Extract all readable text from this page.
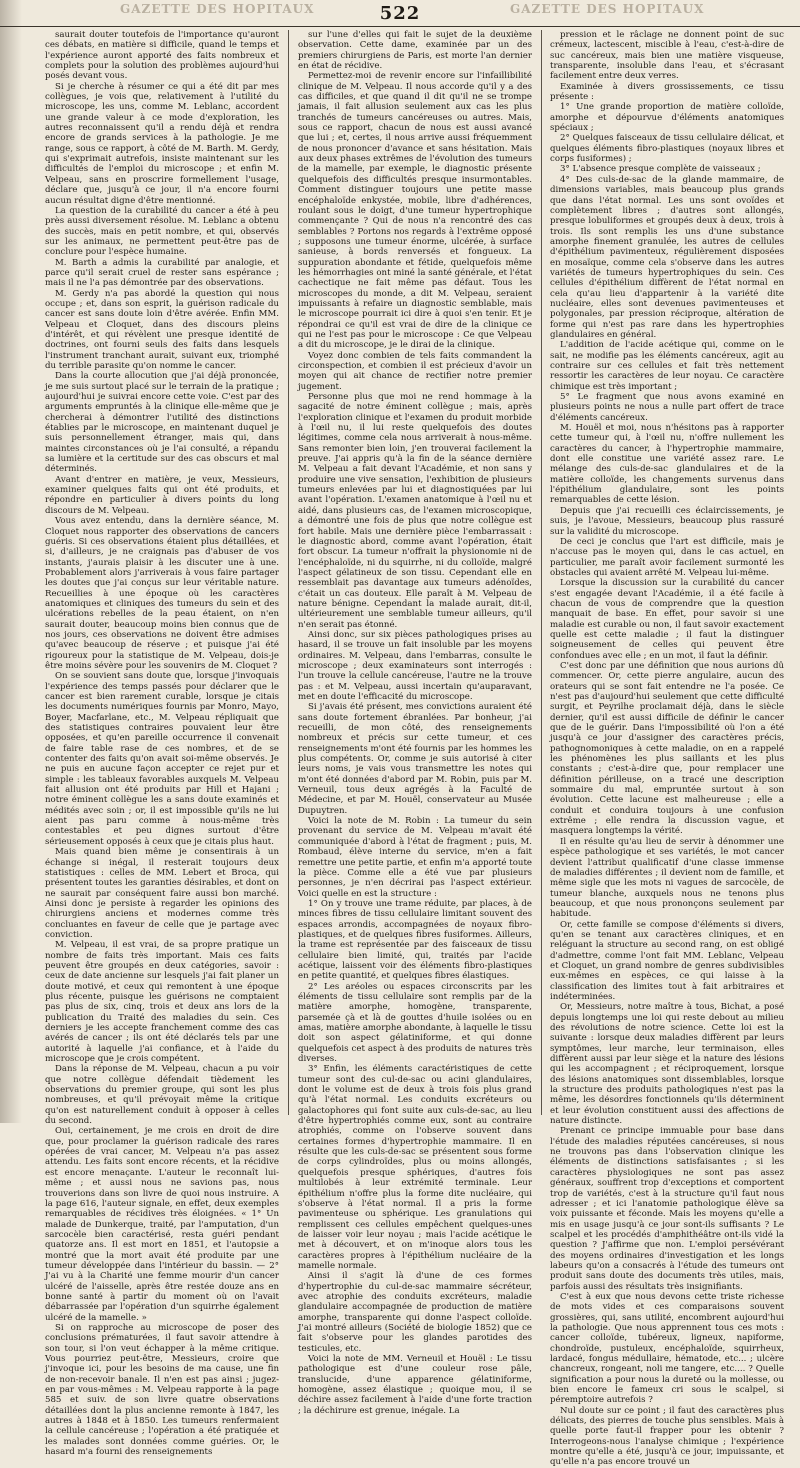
GAZETTE DES HOPITAUX	522	GAZETTE DES HOPITAUX

saurait douter toutefois de l'importance qu'auront ces débats, en matière si difficile, quand le temps et l'expérience auront apporté des faits nombreux et complets pour la solution des problèmes aujourd'hui posés devant vous.

Si je cherche à résumer ce qui a été dit par mes collègues, je vois que, relativement à l'utilité du microscope, les uns, comme M. Leblanc, accordent une grande valeur à ce mode d'exploration, les autres reconnaissent qu'il a rendu déjà et rendra encore de grands services à la pathologie. Je me range, sous ce rapport, à côté de M. Barth. M. Gerdy, qui s'exprimait autrefois, insiste maintenant sur les difficultés de l'emploi du microscope ; et enfin M. Velpeau, sans en proscrire formellement l'usage, déclare que, jusqu'à ce jour, il n'a encore fourni aucun résultat digne d'être mentionné.

La question de la curabilité du cancer a été à peu près aussi diversement résolue. M. Leblanc a obtenu des succès, mais en petit nombre, et qui, observés sur les animaux, ne permettent peut-être pas de conclure pour l'espèce humaine.

M. Barth a admis la curabilité par analogie, et parce qu'il serait cruel de rester sans espérance ; mais il ne l'a pas démontrée par des observations.

M. Gerdy n'a pas abordé la question qui nous occupe ; et, dans son esprit, la guérison radicale du cancer est sans doute loin d'être avérée. Enfin MM. Velpeau et Cloquet, dans des discours pleins d'intérêt, et qui révèlent une presque identité de doctrines, ont fourni seuls des faits dans lesquels l'instrument tranchant aurait, suivant eux, triomphé du terrible parasite qu'on nomme le cancer.

Dans la courte allocution que j'ai déjà prononcée, je me suis surtout placé sur le terrain de la pratique ; aujourd'hui je suivrai encore cette voie. C'est par des arguments empruntés à la clinique elle-même que je chercherai à démontrer l'utilité des distinctions établies par le microscope, en maintenant duquel je suis personnellement étranger, mais qui, dans maintes circonstances où je l'ai consulté, a répandu sa lumière et la certitude sur des cas obscurs et mal déterminés.

Avant d'entrer en matière, je veux, Messieurs, examiner quelques faits qui ont été produits, et répondre en particulier à divers points du long discours de M. Velpeau.

Vous avez entendu, dans la dernière séance, M. Cloquet nous rapporter des observations de cancers guéris. Si ces observations étaient plus détaillées, et si, d'ailleurs, je ne craignais pas d'abuser de vos instants, j'aurais plaisir à les discuter une à une. Probablement alors j'arriverais à vous faire partager les doutes que j'ai conçus sur leur véritable nature. Recueillies à une époque où les caractères anatomiques et cliniques des tumeurs du sein et des ulcérations rebelles de la peau étaient, on n'en saurait douter, beaucoup moins bien connus que de nos jours, ces observations ne doivent être admises qu'avec beaucoup de réserve ; et puisque j'ai été rigoureux pour la statistique de M. Velpeau, dois-je être moins sévère pour les souvenirs de M. Cloquet ?

On se souvient sans doute que, lorsque j'invoquais l'expérience des temps passés pour déclarer que le cancer est bien rarement curable, lorsque je citais les documents numériques fournis par Monro, Mayo, Boyer, Macfarlane, etc., M. Velpeau répliquait que des statistiques contraires pouvaient leur être opposées, et qu'en pareille occurrence il convenait de faire table rase de ces nombres, et de se contenter des faits qu'on avait soi-même observés. Je ne puis en aucune façon accepter ce rejet pur et simple : les tableaux favorables auxquels M. Velpeau fait allusion ont été produits par Hill et Hajani ; notre éminent collègue les a sans doute examinés et médités avec soin ; or, il est impossible qu'ils ne lui aient pas paru comme à nous-même très contestables et peu dignes surtout d'être sérieusement opposés à ceux que je citais plus haut.

Mais quand bien même je consentirais à un échange si inégal, il resterait toujours deux statistiques : celles de MM. Lebert et Broca, qui présentent toutes les garanties désirables, et dont on ne saurait par conséquent faire aussi bon marché. Ainsi donc je persiste à regarder les opinions des chirurgiens anciens et modernes comme très concluantes en faveur de celle que je partage avec conviction.

M. Velpeau, il est vrai, de sa propre pratique un nombre de faits très important. Mais ces faits peuvent être groupés en deux catégories, savoir : ceux de date ancienne sur lesquels j'ai fait planer un doute motivé, et ceux qui remontent à une époque plus récente, puisque les guérisons ne comptaient pas plus de six, cinq, trois et deux ans lors de la publication du Traité des maladies du sein. Ces derniers je les accepte franchement comme des cas avérés de cancer ; ils ont été déclarés tels par une autorité à laquelle j'ai confiance, et à l'aide du microscope que je crois compétent.

Dans la réponse de M. Velpeau, chacun a pu voir que notre collègue défendait tièdement les observations du premier groupe, qui sont les plus nombreuses, et qu'il prévoyait même la critique qu'on est naturellement conduit à opposer à celles du second.

Oui, certainement, je me crois en droit de dire que, pour proclamer la guérison radicale des rares opérées de vrai cancer, M. Velpeau n'a pas assez attendu. Les faits sont encore récents, et la récidive est encore menaçante. L'auteur le reconnaît lui-même ; et aussi nous ne savions pas, nous trouverions dans son livre de quoi nous instruire. A la page 616, l'auteur signale, en effet, deux exemples remarquables de récidives très éloignées. « 1° Un malade de Dunkerque, traité, par l'amputation, d'un sarcocèle bien caractérisé, resta guéri pendant quatorze ans. Il est mort en 1851, et l'autopsie a montré que la mort avait été produite par une tumeur développée dans l'intérieur du bassin. — 2° J'ai vu à la Charité une femme mourir d'un cancer ulcéré de l'aisselle, après être restée douze ans en bonne santé à partir du moment où on l'avait débarrassée par l'opération d'un squirrhe également ulcéré de la mamelle. »

Si on rapproche au microscope de poser des conclusions prématurées, il faut savoir attendre à son tour, si l'on veut échapper à la même critique. Vous pourriez peut-être, Messieurs, croire que j'invoque ici, pour les besoins de ma cause, une fin de non-recevoir banale. Il n'en est pas ainsi ; jugez-en par vous-mêmes : M. Velpeau rapporte à la page 585 et suiv. de son livre quatre observations détaillées dont la plus ancienne remonte à 1847, les autres à 1848 et à 1850. Les tumeurs renfermaient la cellule cancéreuse ; l'opération a été pratiquée et les malades sont données comme guéries. Or, le hasard m'a fourni des renseignements

sur l'une d'elles qui fait le sujet de la deuxième observation. Cette dame, examinée par un des premiers chirurgiens de Paris, est morte l'an dernier en état de récidive.

Permettez-moi de revenir encore sur l'infaillibilité clinique de M. Velpeau. Il nous accorde qu'il y a des cas difficiles, et que quand il dit qu'il ne se trompe jamais, il fait allusion seulement aux cas les plus tranchés de tumeurs cancéreuses ou autres. Mais, sous ce rapport, chacun de nous est aussi avancé que lui ; et, certes, il nous arrive aussi fréquemment de nous prononcer d'avance et sans hésitation. Mais aux deux phases extrêmes de l'évolution des tumeurs de la mamelle, par exemple, le diagnostic présente quelquefois des difficultés presque insurmontables. Comment distinguer toujours une petite masse encéphaloïde enkystée, mobile, libre d'adhérences, roulant sous le doigt, d'une tumeur hypertrophique commençante ? Qui de nous n'a rencontré des cas semblables ? Portons nos regards à l'extrême opposé ; supposons une tumeur énorme, ulcérée, à surface sanieuse, à bords renversés et fongueux. La suppuration abondante et fétide, quelquefois même les hémorrhagies ont miné la santé générale, et l'état cachectique ne fait même pas défaut. Tous les microscopes du monde, a dit M. Velpeau, seraient impuissants à refaire un diagnostic semblable, mais le microscope pourrait ici dire à quoi s'en tenir. Et je répondrai ce qu'il est vrai de dire de la clinique ce qui ne l'est pas pour le microscope : Ce que Velpeau a dit du microscope, je le dirai de la clinique.

Voyez donc combien de tels faits commandent la circonspection, et combien il est précieux d'avoir un moyen qui ait chance de rectifier notre premier jugement.

Personne plus que moi ne rend hommage à la sagacité de notre éminent collègue ; mais, après l'exploration clinique et l'examen du produit morbide à l'œil nu, il lui reste quelquefois des doutes légitimes, comme cela nous arriverait à nous-même. Sans remonter bien loin, j'en trouverai facilement la preuve. J'ai appris qu'à la fin de la séance dernière M. Velpeau a fait devant l'Académie, et non sans y produire une vive sensation, l'exhibition de plusieurs tumeurs enlevées par lui et diagnostiquées par lui avant l'opération. L'examen anatomique à l'œil nu et aidé, dans plusieurs cas, de l'examen microscopique, a démontré une fois de plus que notre collègue est fort habile. Mais une dernière pièce l'embarrassait : le diagnostic abord, comme avant l'opération, était fort obscur. La tumeur n'offrait la physionomie ni de l'encéphaloïde, ni du squirrhe, ni du colloïde, malgré l'aspect gélatineux de son tissu. Cependant elle en ressemblait pas davantage aux tumeurs adénoïdes, c'était un cas douteux. Elle paraît à M. Velpeau de nature bénigne. Cependant la malade aurait, dit-il, ultérieurement une semblable tumeur ailleurs, qu'il n'en serait pas étonné.

Ainsi donc, sur six pièces pathologiques prises au hasard, il se trouve un fait insoluble par les moyens ordinaires. M. Velpeau, dans l'embarras, consulte le microscope ; deux examinateurs sont interrogés : l'un trouve la cellule cancéreuse, l'autre ne la trouve pas : et M. Velpeau, aussi incertain qu'auparavant, met en doute l'efficacité du microscope.

Si j'avais été présent, mes convictions auraient été sans doute fortement ébranlées. Par bonheur, j'ai recueilli, de mon côté, des renseignements nombreux et précis sur cette tumeur, et ces renseignements m'ont été fournis par les hommes les plus compétents. Or, comme je suis autorisé à citer leurs noms, je vais vous transmettre les notes qui m'ont été données d'abord par M. Robin, puis par M. Verneuil, tous deux agrégés à la Faculté de Médecine, et par M. Houël, conservateur au Musée Dupuytren.

Voici la note de M. Robin : La tumeur du sein provenant du service de M. Velpeau m'avait été communiquée d'abord à l'état de fragment ; puis, M. Rombaud, élève interne du service, m'en a fait remettre une petite partie, et enfin m'a apporté toute la pièce. Comme elle a été vue par plusieurs personnes, je n'en décrirai pas l'aspect extérieur. Voici quelle en est la structure :

1° On y trouve une trame réduite, par places, à de minces fibres de tissu cellulaire limitant souvent des espaces arrondis, accompagnées de noyaux fibro-plastiques, et de quelques fibres fusiformes. Ailleurs, la trame est représentée par des faisceaux de tissu cellulaire bien limité, qui, traités par l'acide acétique, laissent voir des éléments fibro-plastiques en petite quantité, et quelques fibres élastiques.

2° Les aréoles ou espaces circonscrits par les éléments de tissu cellulaire sont remplis par de la matière amorphe, homogène, transparente, parsemée çà et là de gouttes d'huile isolées ou en amas, matière amorphe abondante, à laquelle le tissu doit son aspect gélatiniforme, et qui donne quelquefois cet aspect à des produits de natures très diverses.

3° Enfin, les éléments caractéristiques de cette tumeur sont des cul-de-sac ou acini glandulaires, dont le volume est de deux à trois fois plus grand qu'à l'état normal. Les conduits excréteurs ou galactophores qui font suite aux culs-de-sac, au lieu d'être hypertrophiés comme eux, sont au contraire atrophiés, comme on l'observe souvent dans certaines formes d'hypertrophie mammaire. Il en résulte que les culs-de-sac se présentent sous forme de corps cylindroïdes, plus ou moins allongés, quelquefois presque sphériques, d'autres fois multilobés à leur extrémité terminale. Leur épithélium n'offre plus la forme dite nucléaire, qui s'observe à l'état normal. Il a pris la forme pavimenteuse ou sphérique. Les granulations qui remplissent ces cellules empêchent quelques-unes de laisser voir leur noyau ; mais l'acide acétique le met à découvert, et on m'inoque alors tous les caractères propres à l'épithélium nucléaire de la mamelle normale.

Ainsi il s'agit là d'une de ces formes d'hypertrophie du cul-de-sac mammaire sécréteur, avec atrophie des conduits excréteurs, maladie glandulaire accompagnée de production de matière amorphe, transparente qui donne l'aspect colloïde. J'ai montré ailleurs (Société de biologie 1852) que ce fait s'observe pour les glandes parotides des testicules, etc.

Voici la note de MM. Verneuil et Houël : Le tissu pathologique est d'une couleur rose pâle, translucide, d'une apparence gélatiniforme, homogène, assez élastique ; quoique mou, il se déchire assez facilement à l'aide d'une forte traction ; la déchirure est grenue, inégale. La

pression et le râclage ne donnent point de suc crémeux, lactescent, miscible à l'eau, c'est-à-dire de suc cancéreux, mais bien une matière visqueuse, transparente, insoluble dans l'eau, et s'écrasant facilement entre deux verres.

Examinée à divers grossissements, ce tissu présente :

1° Une grande proportion de matière colloïde, amorphe et dépourvue d'éléments anatomiques spéciaux ;

2° Quelques faisceaux de tissu cellulaire délicat, et quelques éléments fibro-plastiques (noyaux libres et corps fusiformes) ;

3° L'absence presque complète de vaisseaux ;

4° Des culs-de-sac de la glande mammaire, de dimensions variables, mais beaucoup plus grands que dans l'état normal. Les uns sont ovoïdes et complètement libres ; d'autres sont allongés, presque lobuliformes et groupés deux à deux, trois à trois. Ils sont remplis les uns d'une substance amorphe finement granulée, les autres de cellules d'épithélium pavimenteux, régulièrement disposées en mosaïque, comme cela s'observe dans les autres variétés de tumeurs hypertrophiques du sein. Ces cellules d'épithélium diffèrent de l'état normal en cela qu'au lieu d'appartenir à la variété dite nucléaire, elles sont devenues pavimenteuses et polygonales, par pression réciproque, altération de forme qui n'est pas rare dans les hypertrophies glandulaires en général.

L'addition de l'acide acétique qui, comme on le sait, ne modifie pas les éléments cancéreux, agit au contraire sur ces cellules et fait très nettement ressortir les caractères de leur noyau. Ce caractère chimique est très important ;

5° Le fragment que nous avons examiné en plusieurs points ne nous a nulle part offert de trace d'éléments cancéreux.

M. Houël et moi, nous n'hésitons pas à rapporter cette tumeur qui, à l'œil nu, n'offre nullement les caractères du cancer, à l'hypertrophie mammaire, dont elle constitue une variété assez rare. Le mélange des culs-de-sac glandulaires et de la matière colloïde, les changements survenus dans l'épithélium glandulaire, sont les points remarquables de cette lésion.

Depuis que j'ai recueilli ces éclaircissements, je suis, je l'avoue, Messieurs, beaucoup plus rassuré sur la validité du microscope.

De ceci je conclus que l'art est difficile, mais je n'accuse pas le moyen qui, dans le cas actuel, en particulier, me paraît avoir facilement surmonté les obstacles qui avaient arrêté M. Velpeau lui-même.

Lorsque la discussion sur la curabilité du cancer s'est engagée devant l'Académie, il a été facile à chacun de vous de comprendre que la question manquait de base. En effet, pour savoir si une maladie est curable ou non, il faut savoir exactement quelle est cette maladie ; il faut la distinguer soigneusement de celles qui peuvent être confondues avec elle ; en un mot, il faut la définir.

C'est donc par une définition que nous aurions dû commencer. Or, cette pierre angulaire, aucun des orateurs qui se sont fait entendre ne l'a posée. Ce n'est pas d'aujourd'hui seulement que cette difficulté surgit, et Peyrilhe proclamait déjà, dans le siècle dernier, qu'il est aussi difficile de définir le cancer que de le guérir. Dans l'impossibilité où l'on a été jusqu'à ce jour d'assigner des caractères précis, pathognomoniques à cette maladie, on en a rappelé les phénomènes les plus saillants et les plus constants ; c'est-à-dire que, pour remplacer une définition périlleuse, on a tracé une description sommaire du mal, empruntée surtout à son évolution. Cette lacune est malheureuse ; elle a conduit et conduira toujours à une confusion extrême ; elle rendra la discussion vague, et masquera longtemps la vérité.

Il en résulte qu'au lieu de servir à dénommer une espèce pathologique et ses variétés, le mot cancer devient l'attribut qualificatif d'une classe immense de maladies différentes ; il devient nom de famille, et même sigle que les mots ni vagues de sarcocèle, de tumeur blanche, auxquels nous ne tenons plus beaucoup, et que nous prononçons seulement par habitude.

Or, cette famille se compose d'éléments si divers, qu'en se tenant aux caractères cliniques, et en reléguant la structure au second rang, on est obligé d'admettre, comme l'ont fait MM. Leblanc, Velpeau et Cloquet, un grand nombre de genres subdivisibles eux-mêmes en espèces, ce qui laisse à la classification des limites tout à fait arbitraires et indéterminées.

Or, Messieurs, notre maître à tous, Bichat, a posé depuis longtemps une loi qui reste debout au milieu des révolutions de notre science. Cette loi est la suivante : lorsque deux maladies diffèrent par leurs symptômes, leur marche, leur terminaison, elles diffèrent aussi par leur siège et la nature des lésions qui les accompagnent ; et réciproquement, lorsque des lésions anatomiques sont dissemblables, lorsque la structure des produits pathologiques n'est pas la même, les désordres fonctionnels qu'ils déterminent et leur évolution constituent aussi des affections de nature distincte.

Prenant ce principe immuable pour base dans l'étude des maladies réputées cancéreuses, si nous ne trouvons pas dans l'observation clinique les éléments de distinctions satisfaisantes ; si les caractères physiologiques ne sont pas assez généraux, souffrent trop d'exceptions et comportent trop de variétés, c'est à la structure qu'il faut nous adresser ; et ici l'anatomie pathologique élève sa voix puissante et féconde. Mais les moyens qu'elle a mis en usage jusqu'à ce jour sont-ils suffisants ? Le scalpel et les procédés d'amphithéâtre ont-ils vidé la question ? J'affirme que non. L'emploi persévérant des moyens ordinaires d'investigation et les longs labeurs qu'on a consacrés à l'étude des tumeurs ont produit sans doute des documents très utiles, mais, parfois aussi des résultats très insignifiants.

C'est à eux que nous devons cette triste richesse de mots vides et ces comparaisons souvent grossières, qui, sans utilité, encombrent aujourd'hui la pathologie. Que nous apprennent tous ces mots : cancer colloïde, tubéreux, ligneux, napiforme, chondroïde, pustuleux, encéphaloïde, squirrheux, lardacé, fongus médullaire, hématode, etc... ; ulcère chancreux, rongeant, noli me tangere, etc.... ? Quelle signification a pour nous la dureté ou la mollesse, ou bien encore le fameux cri sous le scalpel, si péremptoire autrefois ?

Nul doute sur ce point ; il faut des caractères plus délicats, des pierres de touche plus sensibles. Mais à quelle porte faut-il frapper pour les obtenir ? Interrogeons-nous l'analyse chimique ; l'expérience montre qu'elle a été, jusqu'à ce jour, impuissante, et qu'elle n'a pas encore trouvé un
